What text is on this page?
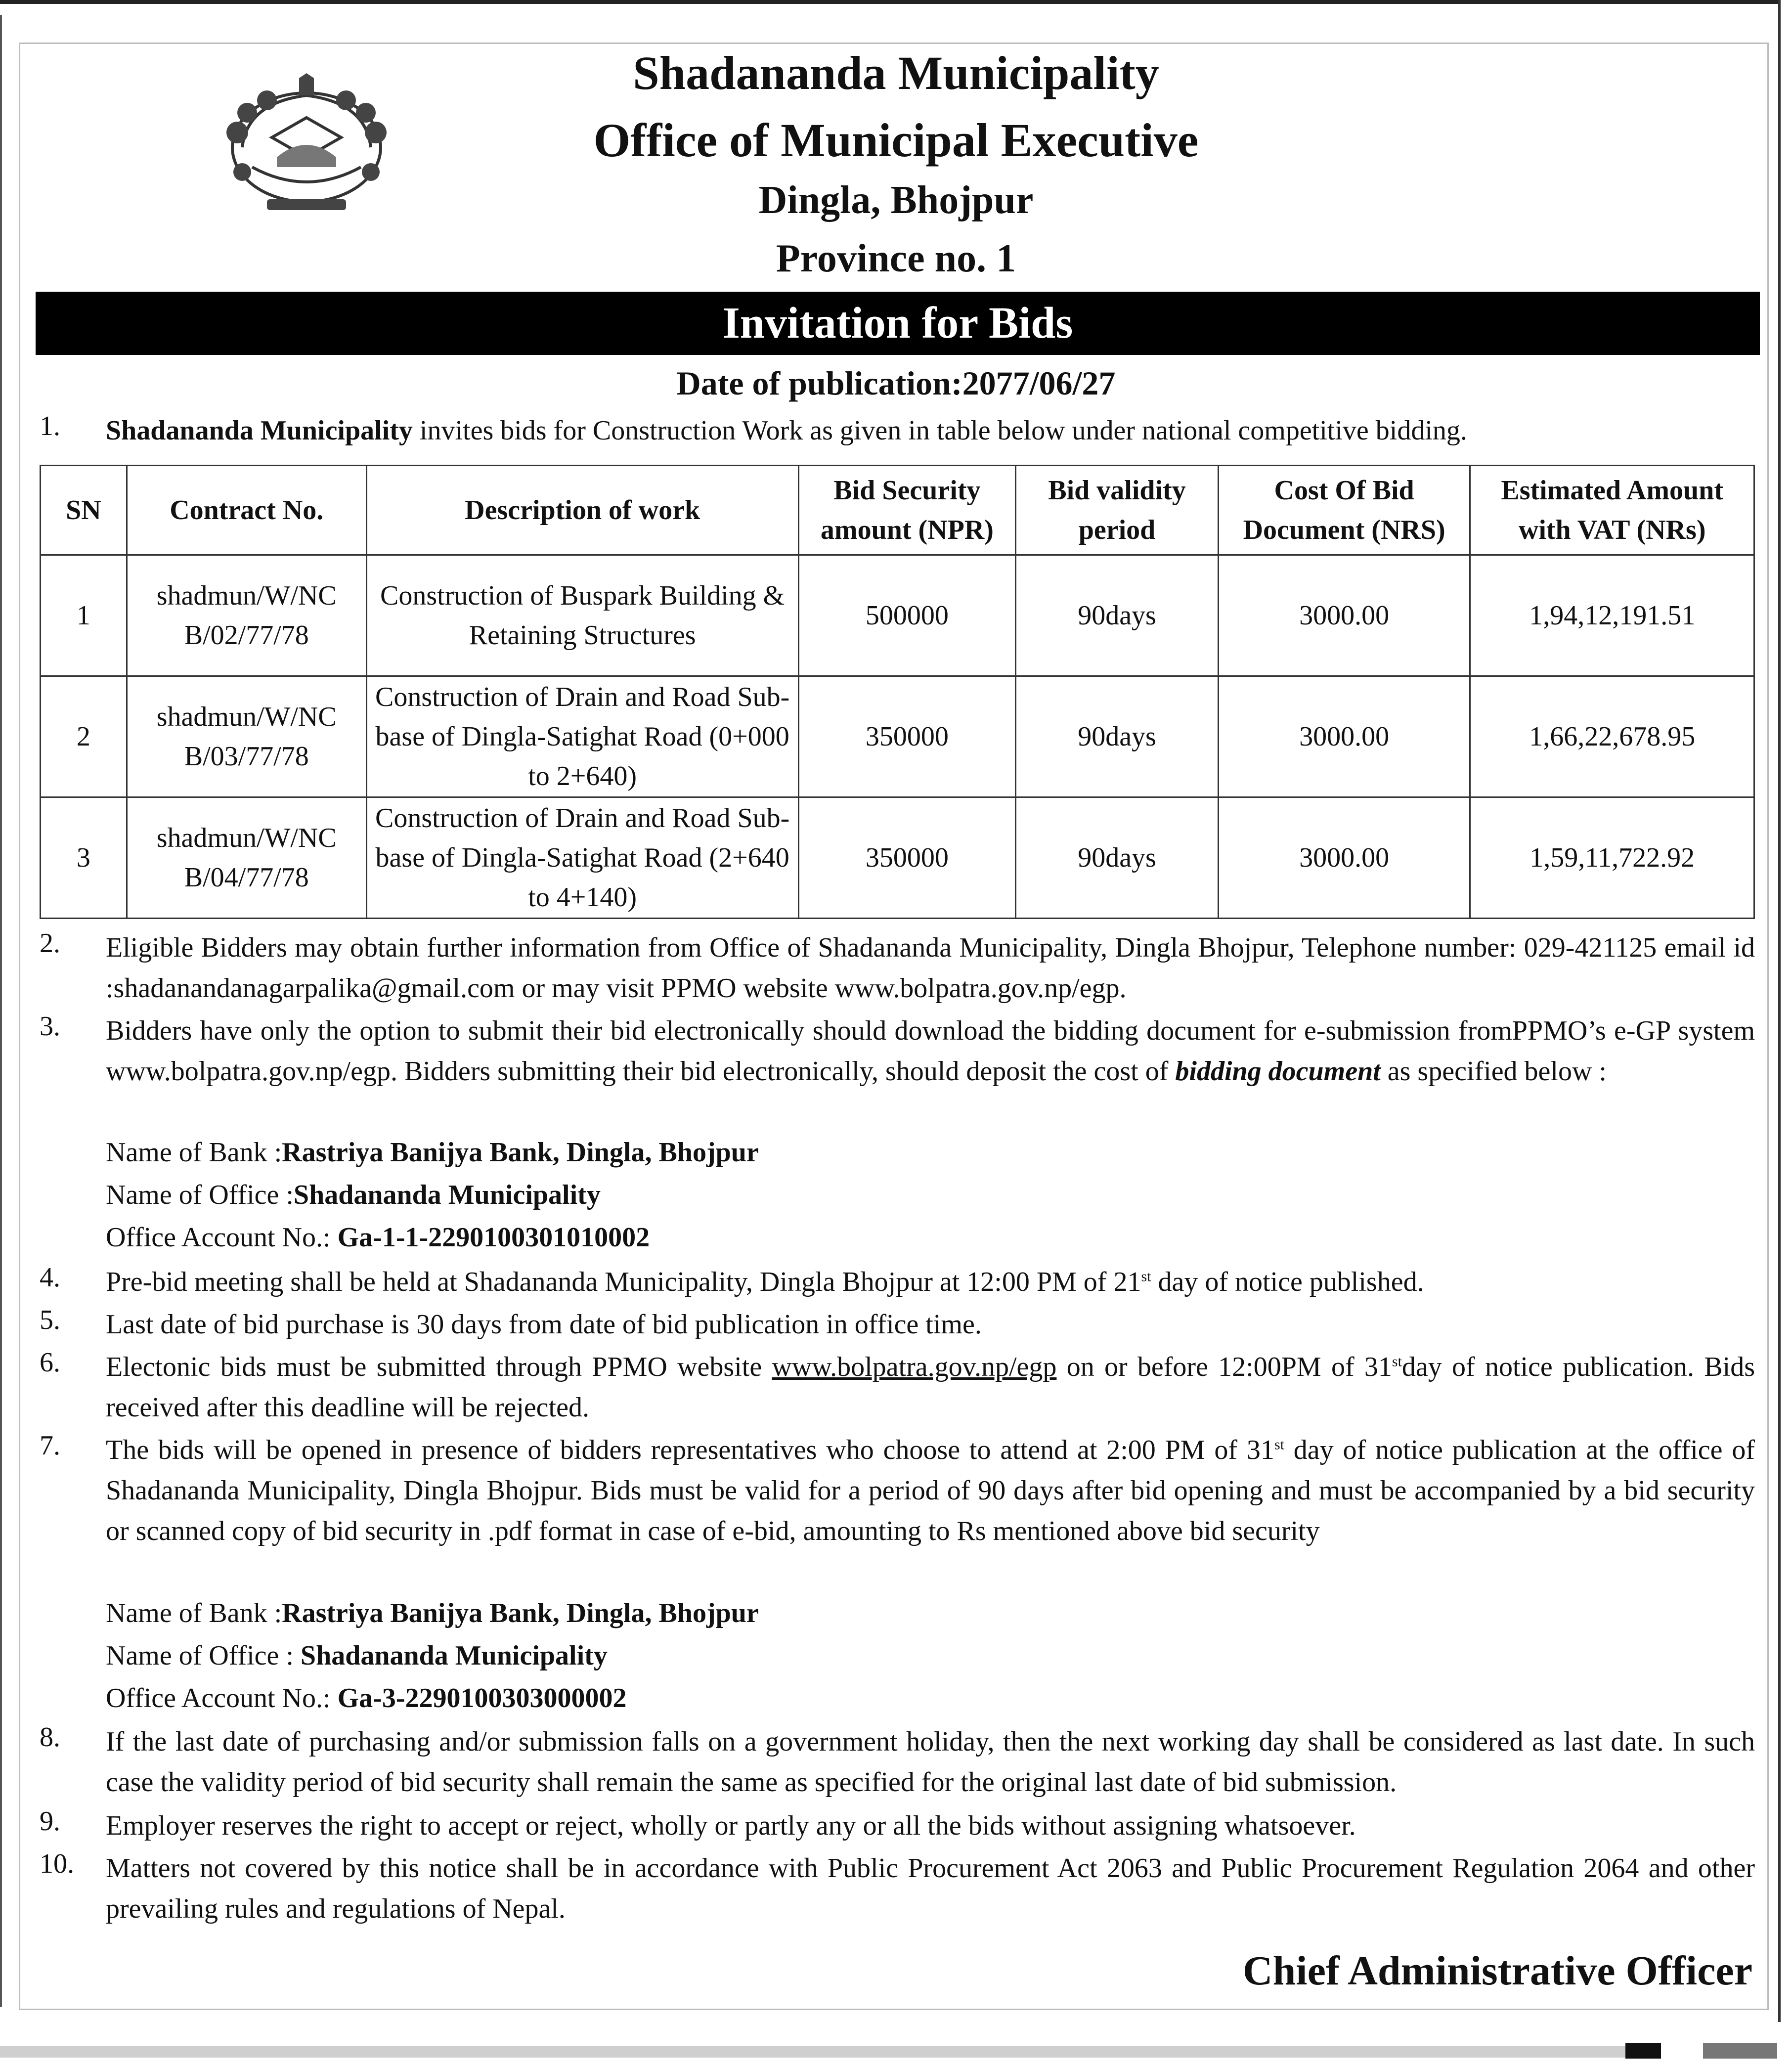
Shadananda Municipality
Office of Municipal Executive
Dingla, Bhojpur
Province no. 1
Invitation for Bids
Date of publication:2077/06/27
1.	Shadananda Municipality invites bids for Construction Work as given in table below under national competitive bidding.
SN	Contract No.	Description of work	Bid Security amount (NPR)	Bid validity period	Cost Of Bid Document (NRS)	Estimated Amount with VAT (NRs)
1	shadmun/W/NC B/02/77/78	Construction of Buspark Building & Retaining Structures	500000	90days	3000.00	1,94,12,191.51
2	shadmun/W/NC B/03/77/78	Construction of Drain and Road Sub-base of Dingla-Satighat Road (0+000 to 2+640)	350000	90days	3000.00	1,66,22,678.95
3	shadmun/W/NC B/04/77/78	Construction of Drain and Road Sub-base of Dingla-Satighat Road (2+640 to 4+140)	350000	90days	3000.00	1,59,11,722.92
2.	Eligible Bidders may obtain further information from Office of Shadananda Municipality, Dingla Bhojpur, Telephone number: 029-421125 email id :shadanandanagarpalika@gmail.com or may visit PPMO website www.bolpatra.gov.np/egp.
3.	Bidders have only the option to submit their bid electronically should download the bidding document for e-submission fromPPMO’s e-GP system www.bolpatra.gov.np/egp. Bidders submitting their bid electronically, should deposit the cost of bidding document as specified below :
Name of Bank :Rastriya Banijya Bank, Dingla, Bhojpur
Name of Office :Shadananda Municipality
Office Account No.: Ga-1-1-2290100301010002
4.	Pre-bid meeting shall be held at Shadananda Municipality, Dingla Bhojpur at 12:00 PM of 21st day of notice published.
5.	Last date of bid purchase is 30 days from date of bid publication in office time.
6.	Electonic bids must be submitted through PPMO website www.bolpatra.gov.np/egp on or before 12:00PM of 31stday of notice publication. Bids received after this deadline will be rejected.
7.	The bids will be opened in presence of bidders representatives who choose to attend at 2:00 PM of 31st day of notice publication at the office of Shadananda Municipality, Dingla Bhojpur. Bids must be valid for a period of 90 days after bid opening and must be accompanied by a bid security or scanned copy of bid security in .pdf format in case of e-bid, amounting to Rs mentioned above bid security
Name of Bank :Rastriya Banijya Bank, Dingla, Bhojpur
Name of Office : Shadananda Municipality
Office Account No.: Ga-3-2290100303000002
8.	If the last date of purchasing and/or submission falls on a government holiday, then the next working day shall be considered as last date. In such case the validity period of bid security shall remain the same as specified for the original last date of bid submission.
9.	Employer reserves the right to accept or reject, wholly or partly any or all the bids without assigning whatsoever.
10.	Matters not covered by this notice shall be in accordance with Public Procurement Act 2063 and Public Procurement Regulation 2064 and other prevailing rules and regulations of Nepal.
Chief Administrative Officer
